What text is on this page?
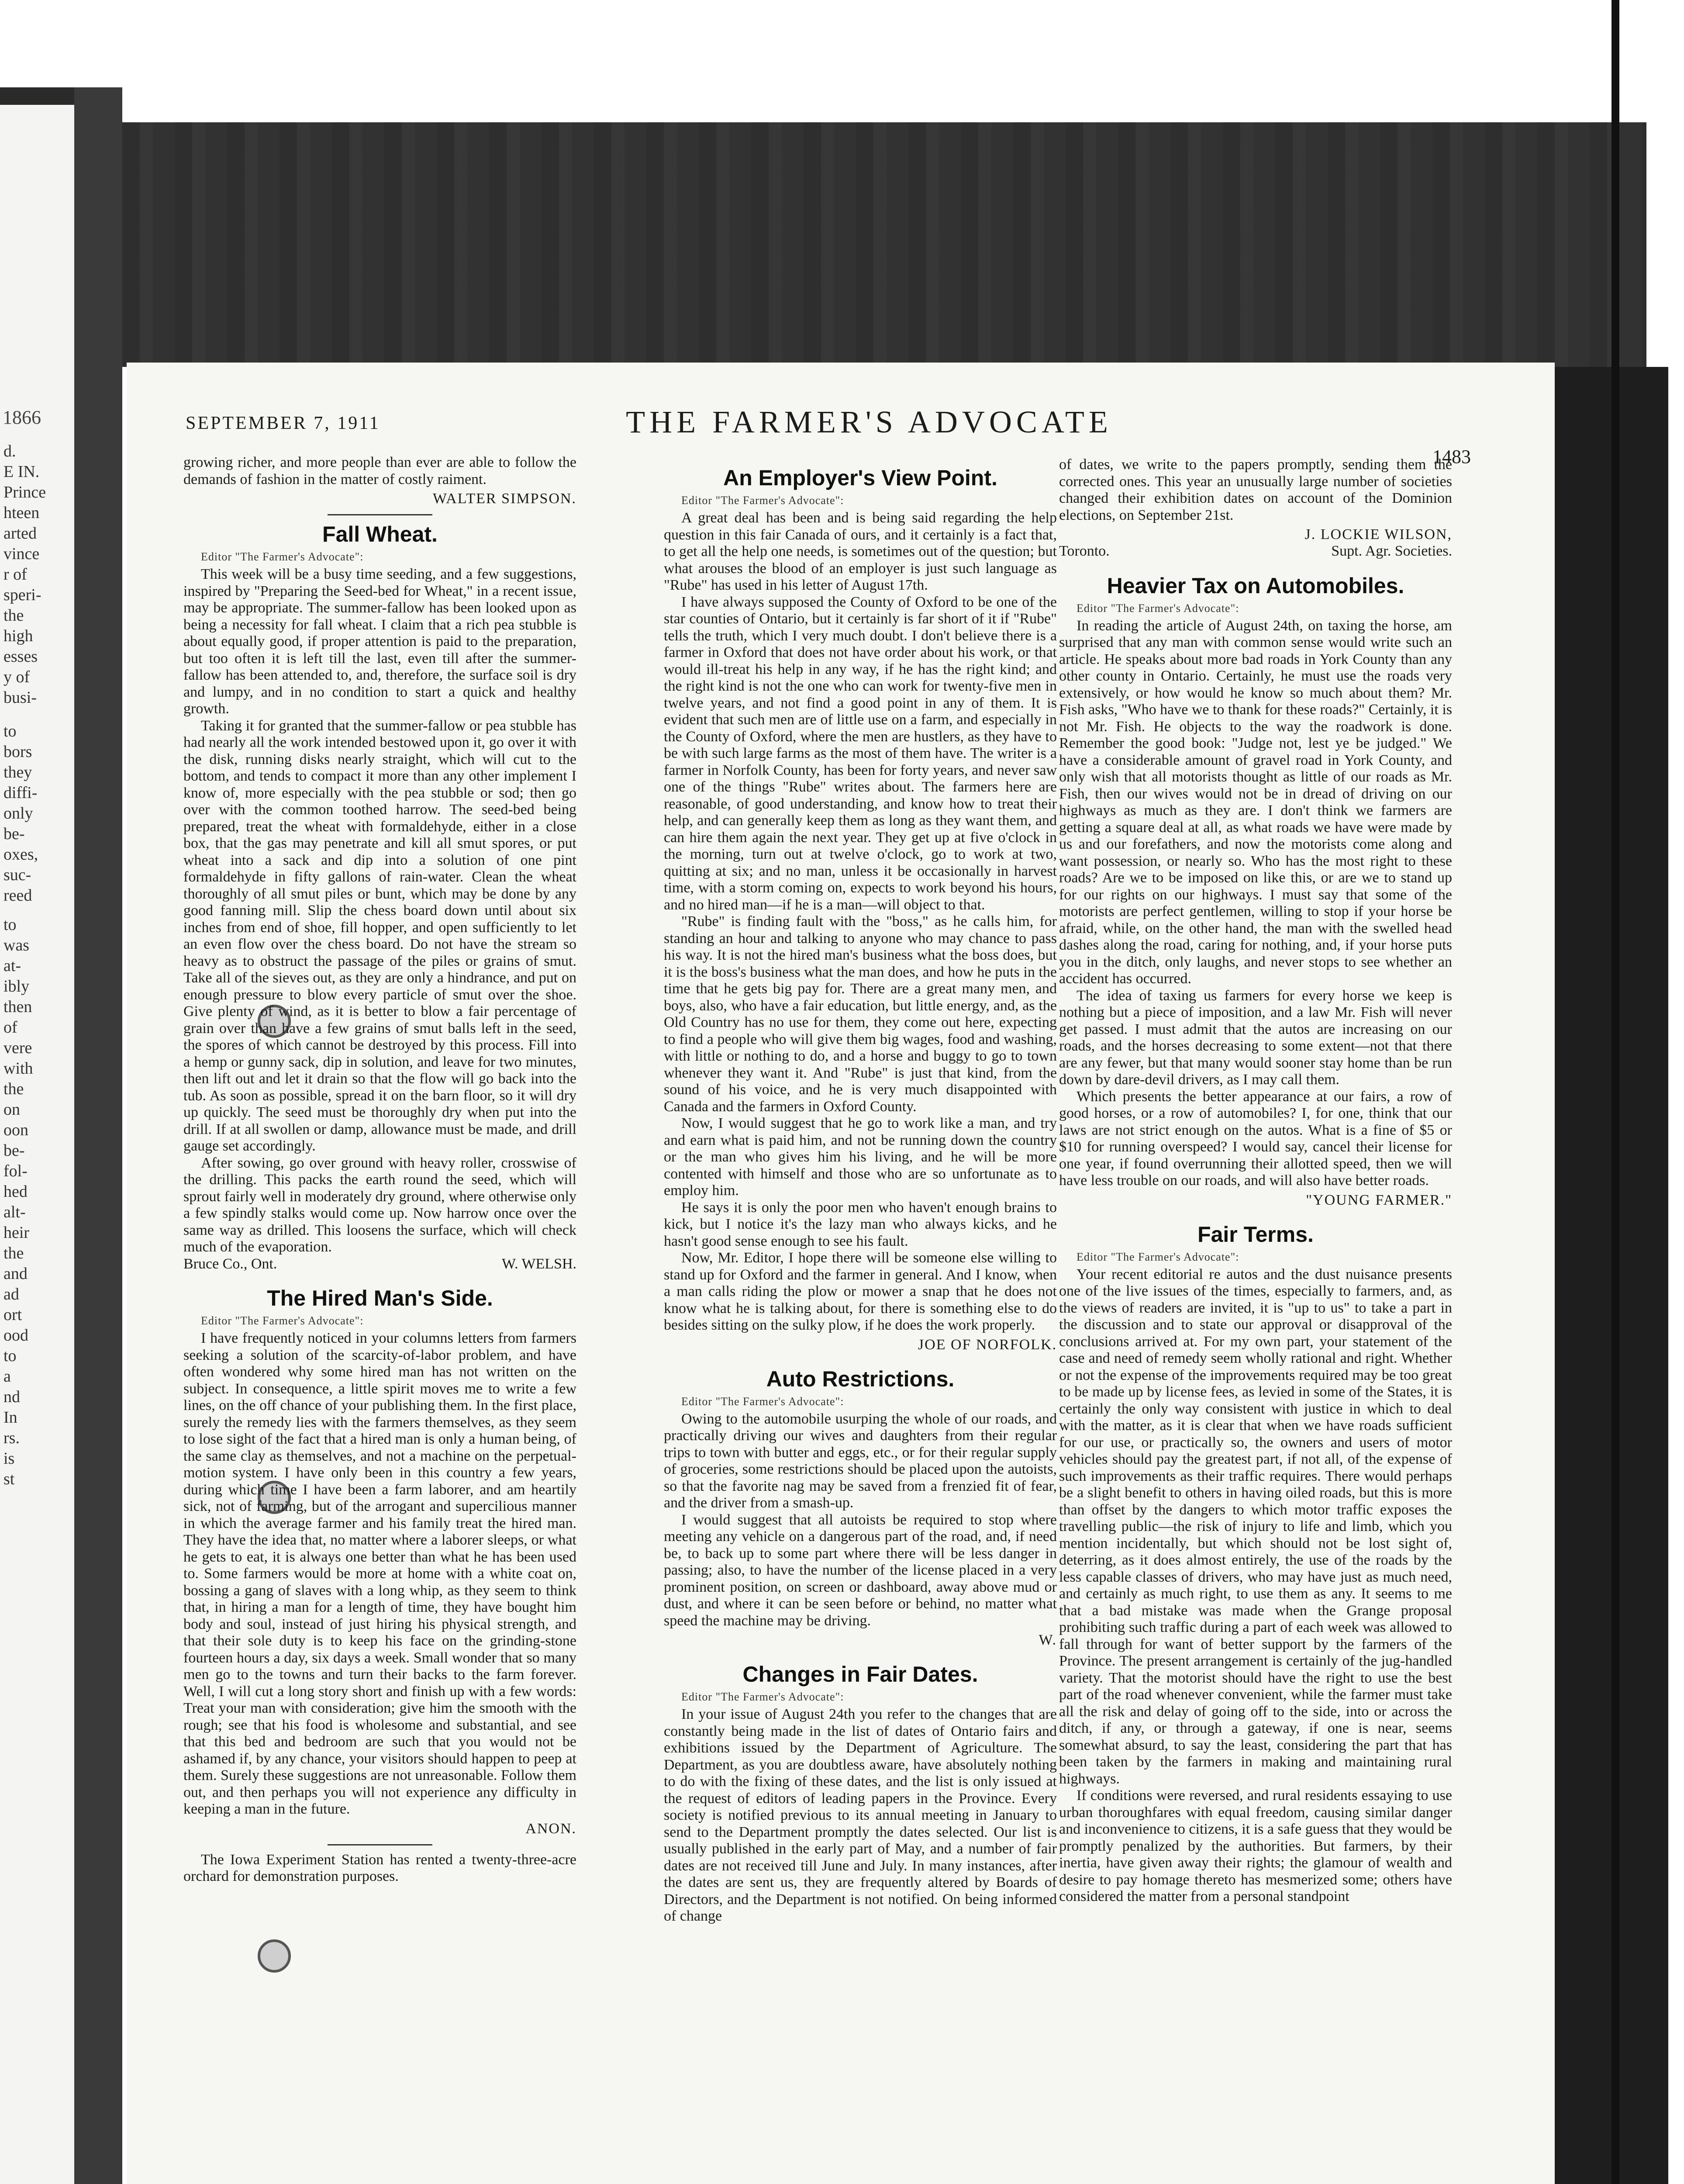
1866
d.
E IN.
Prince
hteen
arted
vince
r of
speri-
the
high
esses
y of
busi-
to
bors
they
diffi-
only
be-
oxes,
suc-
reed
to
was
at-
ibly
then
of
vere
with
the
on
oon
be-
fol-
hed
alt-
heir
the
and
ad
ort
ood
to
a
nd
In
rs.
is
st
SEPTEMBER 7, 1911	THE FARMER'S ADVOCATE
1483

growing richer, and more people than ever are able to follow the demands of fashion in the matter of costly raiment.

WALTER SIMPSON.
Fall Wheat.
Editor "The Farmer's Advocate":

This week will be a busy time seeding, and a few suggestions, inspired by "Preparing the Seed-bed for Wheat," in a recent issue, may be appropriate. The summer-fallow has been looked upon as being a necessity for fall wheat. I claim that a rich pea stubble is about equally good, if proper attention is paid to the preparation, but too often it is left till the last, even till after the summer-fallow has been attended to, and, therefore, the surface soil is dry and lumpy, and in no condition to start a quick and healthy growth.

Taking it for granted that the summer-fallow or pea stubble has had nearly all the work intended bestowed upon it, go over it with the disk, running disks nearly straight, which will cut to the bottom, and tends to compact it more than any other implement I know of, more especially with the pea stubble or sod; then go over with the common toothed harrow. The seed-bed being prepared, treat the wheat with formaldehyde, either in a close box, that the gas may penetrate and kill all smut spores, or put wheat into a sack and dip into a solution of one pint formaldehyde in fifty gallons of rain-water. Clean the wheat thoroughly of all smut piles or bunt, which may be done by any good fanning mill. Slip the chess board down until about six inches from end of shoe, fill hopper, and open sufficiently to let an even flow over the chess board. Do not have the stream so heavy as to obstruct the passage of the piles or grains of smut. Take all of the sieves out, as they are only a hindrance, and put on enough pressure to blow every particle of smut over the shoe. Give plenty of wind, as it is better to blow a fair percentage of grain over than have a few grains of smut balls left in the seed, the spores of which cannot be destroyed by this process. Fill into a hemp or gunny sack, dip in solution, and leave for two minutes, then lift out and let it drain so that the flow will go back into the tub. As soon as possible, spread it on the barn floor, so it will dry up quickly. The seed must be thoroughly dry when put into the drill. If at all swollen or damp, allowance must be made, and drill gauge set accordingly.

After sowing, go over ground with heavy roller, crosswise of the drilling. This packs the earth round the seed, which will sprout fairly well in moderately dry ground, where otherwise only a few spindly stalks would come up. Now harrow once over the same way as drilled. This loosens the surface, which will check much of the evaporation.

Bruce Co., Ont.	W. WELSH.
The Hired Man's Side.
Editor "The Farmer's Advocate":

I have frequently noticed in your columns letters from farmers seeking a solution of the scarcity-of-labor problem, and have often wondered why some hired man has not written on the subject. In consequence, a little spirit moves me to write a few lines, on the off chance of your publishing them. In the first place, surely the remedy lies with the farmers themselves, as they seem to lose sight of the fact that a hired man is only a human being, of the same clay as themselves, and not a machine on the perpetual-motion system. I have only been in this country a few years, during which time I have been a farm laborer, and am heartily sick, not of farming, but of the arrogant and supercilious manner in which the average farmer and his family treat the hired man. They have the idea that, no matter where a laborer sleeps, or what he gets to eat, it is always one better than what he has been used to. Some farmers would be more at home with a white coat on, bossing a gang of slaves with a long whip, as they seem to think that, in hiring a man for a length of time, they have bought him body and soul, instead of just hiring his physical strength, and that their sole duty is to keep his face on the grinding-stone fourteen hours a day, six days a week. Small wonder that so many men go to the towns and turn their backs to the farm forever. Well, I will cut a long story short and finish up with a few words: Treat your man with consideration; give him the smooth with the rough; see that his food is wholesome and substantial, and see that this bed and bedroom are such that you would not be ashamed if, by any chance, your visitors should happen to peep at them. Surely these suggestions are not unreasonable. Follow them out, and then perhaps you will not experience any difficulty in keeping a man in the future.

ANON.

The Iowa Experiment Station has rented a twenty-three-acre orchard for demonstration purposes.

An Employer's View Point.
Editor "The Farmer's Advocate":

A great deal has been and is being said regarding the help question in this fair Canada of ours, and it certainly is a fact that, to get all the help one needs, is sometimes out of the question; but what arouses the blood of an employer is just such language as "Rube" has used in his letter of August 17th.

I have always supposed the County of Oxford to be one of the star counties of Ontario, but it certainly is far short of it if "Rube" tells the truth, which I very much doubt. I don't believe there is a farmer in Oxford that does not have order about his work, or that would ill-treat his help in any way, if he has the right kind; and the right kind is not the one who can work for twenty-five men in twelve years, and not find a good point in any of them. It is evident that such men are of little use on a farm, and especially in the County of Oxford, where the men are hustlers, as they have to be with such large farms as the most of them have. The writer is a farmer in Norfolk County, has been for forty years, and never saw one of the things "Rube" writes about. The farmers here are reasonable, of good understanding, and know how to treat their help, and can generally keep them as long as they want them, and can hire them again the next year. They get up at five o'clock in the morning, turn out at twelve o'clock, go to work at two, quitting at six; and no man, unless it be occasionally in harvest time, with a storm coming on, expects to work beyond his hours, and no hired man—if he is a man—will object to that.

"Rube" is finding fault with the "boss," as he calls him, for standing an hour and talking to anyone who may chance to pass his way. It is not the hired man's business what the boss does, but it is the boss's business what the man does, and how he puts in the time that he gets big pay for. There are a great many men, and boys, also, who have a fair education, but little energy, and, as the Old Country has no use for them, they come out here, expecting to find a people who will give them big wages, food and washing, with little or nothing to do, and a horse and buggy to go to town whenever they want it. And "Rube" is just that kind, from the sound of his voice, and he is very much disappointed with Canada and the farmers in Oxford County.

Now, I would suggest that he go to work like a man, and try and earn what is paid him, and not be running down the country or the man who gives him his living, and he will be more contented with himself and those who are so unfortunate as to employ him.

He says it is only the poor men who haven't enough brains to kick, but I notice it's the lazy man who always kicks, and he hasn't good sense enough to see his fault.

Now, Mr. Editor, I hope there will be someone else willing to stand up for Oxford and the farmer in general. And I know, when a man calls riding the plow or mower a snap that he does not know what he is talking about, for there is something else to do besides sitting on the sulky plow, if he does the work properly.

JOE OF NORFOLK.
Auto Restrictions.
Editor "The Farmer's Advocate":

Owing to the automobile usurping the whole of our roads, and practically driving our wives and daughters from their regular trips to town with butter and eggs, etc., or for their regular supply of groceries, some restrictions should be placed upon the autoists, so that the favorite nag may be saved from a frenzied fit of fear, and the driver from a smash-up.

I would suggest that all autoists be required to stop where meeting any vehicle on a dangerous part of the road, and, if need be, to back up to some part where there will be less danger in passing; also, to have the number of the license placed in a very prominent position, on screen or dashboard, away above mud or dust, and where it can be seen before or behind, no matter what speed the machine may be driving.

W.
Changes in Fair Dates.
Editor "The Farmer's Advocate":

In your issue of August 24th you refer to the changes that are constantly being made in the list of dates of Ontario fairs and exhibitions issued by the Department of Agriculture. The Department, as you are doubtless aware, have absolutely nothing to do with the fixing of these dates, and the list is only issued at the request of editors of leading papers in the Province. Every society is notified previous to its annual meeting in January to send to the Department promptly the dates selected. Our list is usually published in the early part of May, and a number of fair dates are not received till June and July. In many instances, after the dates are sent us, they are frequently altered by Boards of Directors, and the Department is not notified. On being informed of change

of dates, we write to the papers promptly, sending them the corrected ones. This year an unusually large number of societies changed their exhibition dates on account of the Dominion elections, on September 21st.

J. LOCKIE WILSON,
Toronto.	Supt. Agr. Societies.
Heavier Tax on Automobiles.
Editor "The Farmer's Advocate":

In reading the article of August 24th, on taxing the horse, am surprised that any man with common sense would write such an article. He speaks about more bad roads in York County than any other county in Ontario. Certainly, he must use the roads very extensively, or how would he know so much about them? Mr. Fish asks, "Who have we to thank for these roads?" Certainly, it is not Mr. Fish. He objects to the way the roadwork is done. Remember the good book: "Judge not, lest ye be judged." We have a considerable amount of gravel road in York County, and only wish that all motorists thought as little of our roads as Mr. Fish, then our wives would not be in dread of driving on our highways as much as they are. I don't think we farmers are getting a square deal at all, as what roads we have were made by us and our forefathers, and now the motorists come along and want possession, or nearly so. Who has the most right to these roads? Are we to be imposed on like this, or are we to stand up for our rights on our highways. I must say that some of the motorists are perfect gentlemen, willing to stop if your horse be afraid, while, on the other hand, the man with the swelled head dashes along the road, caring for nothing, and, if your horse puts you in the ditch, only laughs, and never stops to see whether an accident has occurred.

The idea of taxing us farmers for every horse we keep is nothing but a piece of imposition, and a law Mr. Fish will never get passed. I must admit that the autos are increasing on our roads, and the horses decreasing to some extent—not that there are any fewer, but that many would sooner stay home than be run down by dare-devil drivers, as I may call them.

Which presents the better appearance at our fairs, a row of good horses, or a row of automobiles? I, for one, think that our laws are not strict enough on the autos. What is a fine of $5 or $10 for running overspeed? I would say, cancel their license for one year, if found overrunning their allotted speed, then we will have less trouble on our roads, and will also have better roads.

"YOUNG FARMER."
Fair Terms.
Editor "The Farmer's Advocate":

Your recent editorial re autos and the dust nuisance presents one of the live issues of the times, especially to farmers, and, as the views of readers are invited, it is "up to us" to take a part in the discussion and to state our approval or disapproval of the conclusions arrived at. For my own part, your statement of the case and need of remedy seem wholly rational and right. Whether or not the expense of the improvements required may be too great to be made up by license fees, as levied in some of the States, it is certainly the only way consistent with justice in which to deal with the matter, as it is clear that when we have roads sufficient for our use, or practically so, the owners and users of motor vehicles should pay the greatest part, if not all, of the expense of such improvements as their traffic requires. There would perhaps be a slight benefit to others in having oiled roads, but this is more than offset by the dangers to which motor traffic exposes the travelling public—the risk of injury to life and limb, which you mention incidentally, but which should not be lost sight of, deterring, as it does almost entirely, the use of the roads by the less capable classes of drivers, who may have just as much need, and certainly as much right, to use them as any. It seems to me that a bad mistake was made when the Grange proposal prohibiting such traffic during a part of each week was allowed to fall through for want of better support by the farmers of the Province. The present arrangement is certainly of the jug-handled variety. That the motorist should have the right to use the best part of the road whenever convenient, while the farmer must take all the risk and delay of going off to the side, into or across the ditch, if any, or through a gateway, if one is near, seems somewhat absurd, to say the least, considering the part that has been taken by the farmers in making and maintaining rural highways.

If conditions were reversed, and rural residents essaying to use urban thoroughfares with equal freedom, causing similar danger and inconvenience to citizens, it is a safe guess that they would be promptly penalized by the authorities. But farmers, by their inertia, have given away their rights; the glamour of wealth and desire to pay homage thereto has mesmerized some; others have considered the matter from a personal standpoint
